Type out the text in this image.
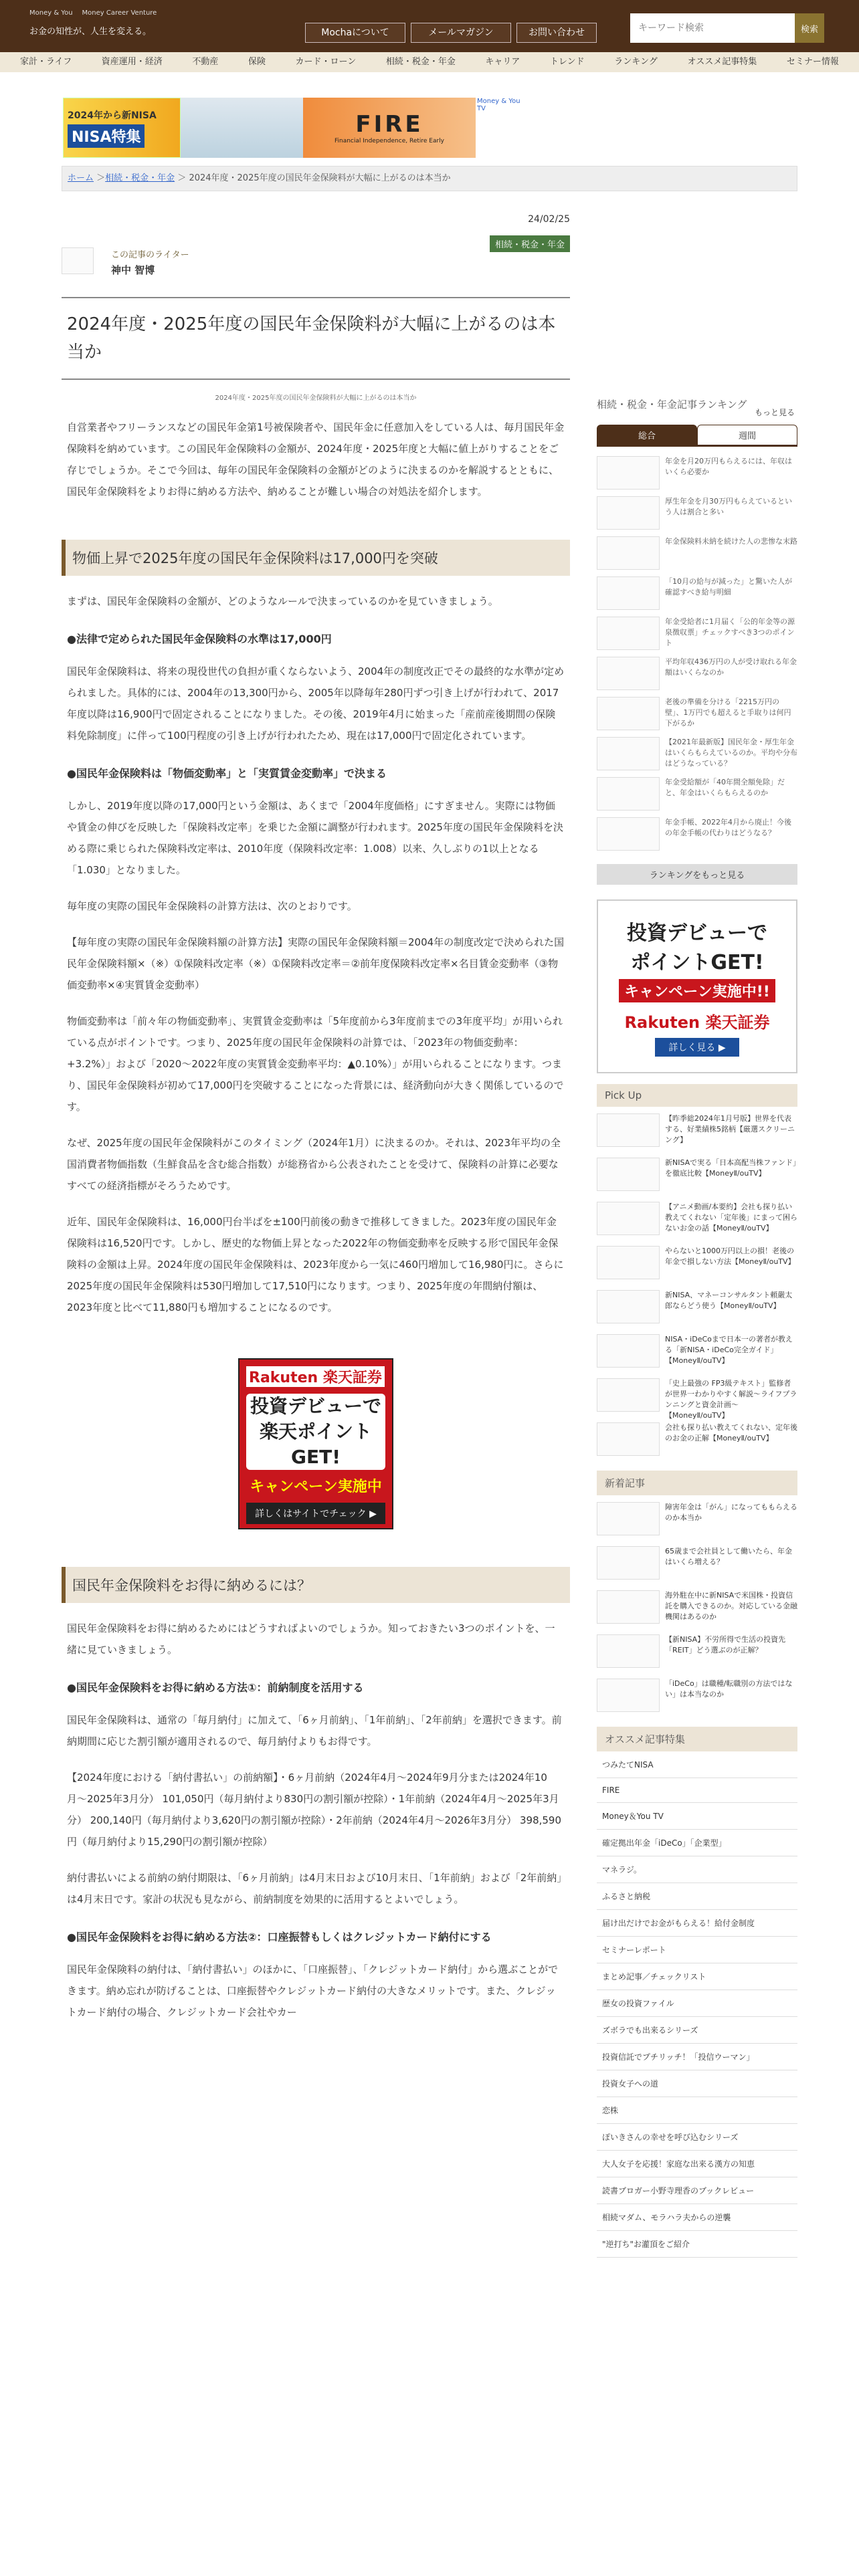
Money & You Money Career Venture
お金の知性が、人生を変える。	Mochaについて	メールマガジン	お問い合わせ
キーワード検索	検索
家計・ライフ	資産運用・経済	不動産	保険	カード・ローン	相続・税金・年金	キャリア	トレンド	ランキング	オススメ記事特集	セミナー情報
2024年から新NISA
NISA特集	FIRE
Financial Independence, Retire Early
Money & You TV
ホーム ＞相続・税金・年金 ＞ 2024年度・2025年度の国民年金保険料が大幅に上がるのは本当か
24/02/25
相続・税金・年金
この記事のライター
神中 智博
2024年度・2025年度の国民年金保険料が大幅に上がるのは本当か
2024年度・2025年度の国民年金保険料が大幅に上がるのは本当か

自営業者やフリーランスなどの国民年金第1号被保険者や、国民年金に任意加入をしている人は、毎月国民年金保険料を納めています。この国民年金保険料の金額が、2024年度・2025年度と大幅に値上がりすることをご存じでしょうか。そこで今回は、毎年の国民年金保険料の金額がどのように決まるのかを解説するとともに、国民年金保険料をよりお得に納める方法や、納めることが難しい場合の対処法を紹介します。

物価上昇で2025年度の国民年金保険料は17,000円を突破

まずは、国民年金保険料の金額が、どのようなルールで決まっているのかを見ていきましょう。

●法律で定められた国民年金保険料の水準は17,000円

国民年金保険料は、将来の現役世代の負担が重くならないよう、2004年の制度改正でその最終的な水準が定められました。具体的には、2004年の13,300円から、2005年以降毎年280円ずつ引き上げが行われて、2017年度以降は16,900円で固定されることになりました。その後、2019年4月に始まった「産前産後期間の保険料免除制度」に伴って100円程度の引き上げが行われたため、現在は17,000円で固定化されています。

●国民年金保険料は「物価変動率」と「実質賃金変動率」で決まる

しかし、2019年度以降の17,000円という金額は、あくまで「2004年度価格」にすぎません。実際には物価や賃金の伸びを反映した「保険料改定率」を乗じた金額に調整が行われます。2025年度の国民年金保険料を決める際に乗じられた保険料改定率は、2010年度（保険料改定率：1.008）以来、久しぶりの1以上となる「1.030」となりました。

毎年度の実際の国民年金保険料の計算方法は、次のとおりです。

【毎年度の実際の国民年金保険料額の計算方法】実際の国民年金保険料額＝2004年の制度改定で決められた国民年金保険料額×（※）①保険料改定率（※）①保険料改定率＝②前年度保険料改定率×名目賃金変動率（③物価変動率×④実質賃金変動率）

物価変動率は「前々年の物価変動率」、実質賃金変動率は「5年度前から3年度前までの3年度平均」が用いられている点がポイントです。つまり、2025年度の国民年金保険料の計算では、「2023年の物価変動率：+3.2%）」および「2020〜2022年度の実質賃金変動率平均：▲0.10%）」が用いられることになります。つまり、国民年金保険料が初めて17,000円を突破することになった背景には、経済動向が大きく関係しているのです。

なぜ、2025年度の国民年金保険料がこのタイミング（2024年1月）に決まるのか。それは、2023年平均の全国消費者物価指数（生鮮食品を含む総合指数）が総務省から公表されたことを受けて、保険料の計算に必要なすべての経済指標がそろうためです。

近年、国民年金保険料は、16,000円台半ばを±100円前後の動きで推移してきました。2023年度の国民年金保険料は16,520円です。しかし、歴史的な物価上昇となった2022年の物価変動率を反映する形で国民年金保険料の金額は上昇。2024年度の国民年金保険料は、2023年度から一気に460円増加して16,980円に。さらに2025年度の国民年金保険料は530円増加して17,510円になります。つまり、2025年度の年間納付額は、2023年度と比べて11,880円も増加することになるのです。

Rakuten 楽天証券
投資デビューで楽天ポイントGET!
キャンペーン実施中
詳しくはサイトでチェック ▶
国民年金保険料をお得に納めるには？

国民年金保険料をお得に納めるためにはどうすればよいのでしょうか。知っておきたい3つのポイントを、一緒に見ていきましょう。

●国民年金保険料をお得に納める方法①：前納制度を活用する

国民年金保険料は、通常の「毎月納付」に加えて、「6ヶ月前納」、「1年前納」、「2年前納」を選択できます。前納期間に応じた割引額が適用されるので、毎月納付よりもお得です。

【2024年度における「納付書払い」の前納額】・6ヶ月前納（2024年4月〜2024年9月分または2024年10月〜2025年3月分） 101,050円（毎月納付より830円の割引額が控除）・1年前納（2024年4月〜2025年3月分） 200,140円（毎月納付より3,620円の割引額が控除）・2年前納（2024年4月〜2026年3月分） 398,590円（毎月納付より15,290円の割引額が控除）

納付書払いによる前納の納付期限は、「6ヶ月前納」は4月末日および10月末日、「1年前納」および「2年前納」は4月末日です。家計の状況も見ながら、前納制度を効果的に活用するとよいでしょう。

●国民年金保険料をお得に納める方法②：口座振替もしくはクレジットカード納付にする

国民年金保険料の納付は、「納付書払い」のほかに、「口座振替」、「クレジットカード納付」から選ぶことができます。納め忘れが防げることは、口座振替やクレジットカード納付の大きなメリットです。また、クレジットカード納付の場合、クレジットカード会社やカー

相続・税金・年金記事ランキング
もっと見る
総合	週間
年金を月20万円もらえるには、年収はいくら必要か
厚生年金を月30万円もらえているという人は割合と多い
年金保険料未納を続けた人の悲惨な末路
「10月の給与が減った」と驚いた人が確認すべき給与明細
年金受給者に1月届く「公的年金等の源泉徴収票」チェックすべき3つのポイント
平均年収436万円の人が受け取れる年金額はいくらなのか
老後の準備を分ける「2215万円の壁」、1万円でも超えると手取りは何円下がるか
【2021年最新版】国民年金・厚生年金はいくらもらえているのか。平均や分布はどうなっている？
年金受給額が「40年間全額免除」だと、年金はいくらもらえるのか
年金手帳、2022年4月から廃止！今後の年金手帳の代わりはどうなる？
ランキングをもっと見る
投資デビューで
ポイントGET!
キャンペーン実施中!!
Rakuten 楽天証券
詳しく見る ▶
Pick Up
【昨季総2024年1月号版】世界を代表する、好業績株5銘柄【厳選スクリーニング】
新NISAで実る「日本高配当株ファンド」を徹底比較【MoneyⅡ/ouTV】
【アニメ動画/本要約】会社も探り払い教えてくれない「定年後」にまって困らないお金の話【MoneyⅡ/ouTV】
やらないと1000万円以上の損！老後の年金で損しない方法【MoneyⅡ/ouTV】
新NISA、マネーコンサルタント頼嚴太郎ならどう使う【MoneyⅡ/ouTV】
NISA・iDeCoまで日本一の著者が教える「新NISA・iDeCo完全ガイド」【MoneyⅡ/ouTV】
「史上最強の FP3級テキスト」監修者が世界一わかりやすく解説〜ライフプランニングと資金計画〜【MoneyⅡ/ouTV】
会社も探り払い教えてくれない、定年後のお金の正解【MoneyⅡ/ouTV】
新着記事
障害年金は「がん」になってももらえるのか本当か
65歳まで会社員として働いたら、年金はいくら増える？
海外駐在中に新NISAで米国株・投資信託を購入できるのか。対応している金融機関はあるのか
【新NISA】不労所得で生活の投資先「REIT」どう選ぶのが正解？
「iDeCo」は職種/転職別の方法ではない」は本当なのか
オススメ記事特集
つみたてNISA
FIRE
Money＆You TV
確定拠出年金「iDeCo」「企業型」
マネラジ。
ふるさと納税
届け出だけでお金がもらえる！給付金制度
セミナーレポート
まとめ記事／チェックリスト
歴女の投資ファイル
ズボラでも出来るシリーズ
投資信託でプチリッチ！「投信ウーマン」
投資女子への道
恋株
ぽいきさんの幸せを呼び込むシリーズ
大人女子を応援！家庭な出来る漢方の知恵
読書ブロガー小野寺理香のブックレビュー
相続マダム、モラハラ夫からの逆襲
"逆打ち"お灌頂をご紹介
